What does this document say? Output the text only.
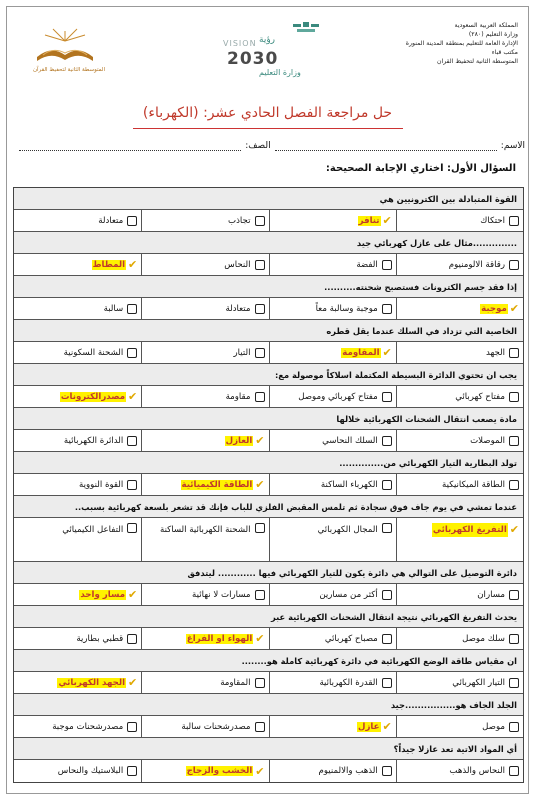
المملكة العربية السعودية
وزارة التعليم (٢٨٠)
الإدارة العامة للتعليم بمنطقة المدينة المنورة
مكتب قباء
المتوسطة الثانية لتحفيظ القران
VISION رؤية
2030
وزارة التعليم
المتوسطة الثانية لتحفيظ القرآن
حل مراجعة الفصل الحادي عشر: (الكهرباء)
الاسم:
الصف:
السؤال الأول: اختاري الإجابة الصحيحة:
القوة المتبادلة بين الكترونيين هي
احتكاك
✔
تنافر
تجاذب
متعادلة
..............مثال على عازل كهربائي جيد
رقاقة الالومنيوم
الفضة
النحاس
✔
المطاط
إذا فقد جسم الكترونات فستصبح شحنته..........
✔
موجبة
موجبة وسالبة معاً
متعادلة
سالبة
الخاصية التي تزداد في السلك عندما يقل قطره
الجهد
✔
المقاومة
التيار
الشحنة السكونية
يجب ان تحتوي الدائرة البسيطة المكتملة اسلاكاً موصولة مع:
مفتاح كهربائي
مفتاح كهربائي وموصل
مقاومة
✔
مصدرالكترونات
مادة يصعب انتقال الشحنات الكهربائية خلالها
الموصلات
السلك النحاسي
✔
العازل
الدائرة الكهربائية
تولد البطارية التيار الكهربائي من..............
الطاقة الميكانيكية
الكهرباء الساكنة
✔
الطاقة الكيميائية
القوة النووية
عندما تمشي في يوم جاف فوق سجادة ثم تلمس المقبض الفلزي للباب فإنك قد تشعر بلسعة كهربائية بسبب..
✔
التفريغ الكهربائي
المجال الكهربائي
الشحنة الكهربائية الساكنة
التفاعل الكيميائي
دائرة التوصيل على التوالي هي دائرة يكون للتيار الكهربائي فيها ............ ليتدفق
مساران
أكثر من مسارين
مسارات لا نهائية
✔
مسار واحد
يحدث التفريغ الكهربائي نتيجة انتقال الشحنات الكهربائية عبر
سلك موصل
مصباح كهربائي
✔
الهواء او الفراغ
قطبي بطارية
ان مقياس طاقة الوضع الكهربائية في دائرة كهربائية كاملة هو........
التيار الكهربائي
القدرة الكهربائية
المقاومة
✔
الجهد الكهربائي
الجلد الجاف هو................جيد
موصل
✔
عازل
مصدرشحنات سالبة
مصدرشحنات موجبة
أي المواد الاتية تعد عازلا جيداً؟
النحاس والذهب
الذهب والالمنيوم
✔
الخشب والزجاج
البلاستيك والنحاس
